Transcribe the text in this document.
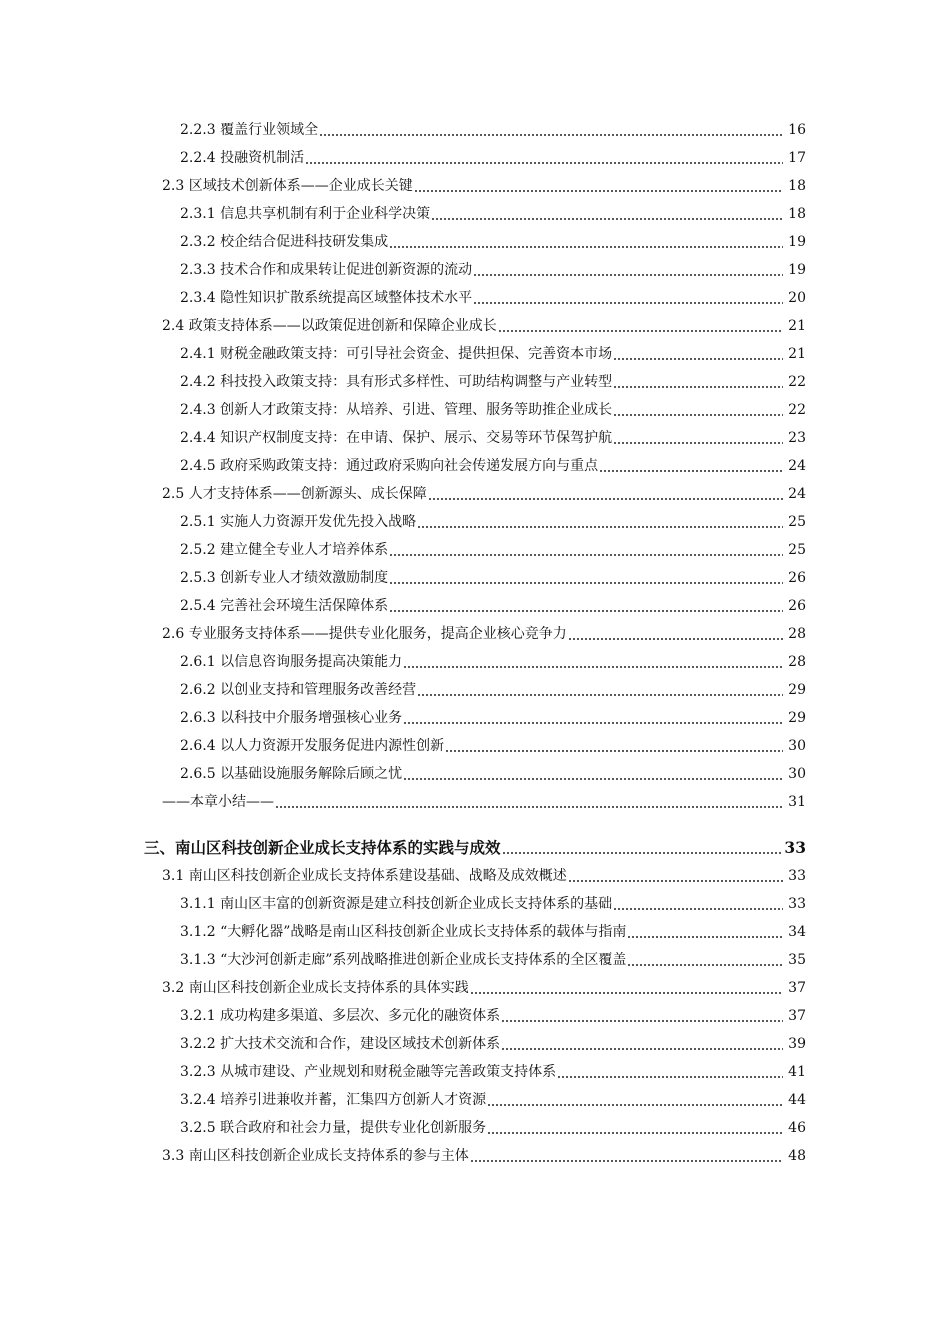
2.2.3 覆盖行业领域全	16
2.2.4 投融资机制活	17
2.3 区域技术创新体系——企业成长关键	18
2.3.1 信息共享机制有利于企业科学决策	18
2.3.2 校企结合促进科技研发集成	19
2.3.3 技术合作和成果转让促进创新资源的流动	19
2.3.4 隐性知识扩散系统提高区域整体技术水平	20
2.4 政策支持体系——以政策促进创新和保障企业成长	21
2.4.1 财税金融政策支持：可引导社会资金、提供担保、完善资本市场	21
2.4.2 科技投入政策支持：具有形式多样性、可助结构调整与产业转型	22
2.4.3 创新人才政策支持：从培养、引进、管理、服务等助推企业成长	22
2.4.4 知识产权制度支持：在申请、保护、展示、交易等环节保驾护航	23
2.4.5 政府采购政策支持：通过政府采购向社会传递发展方向与重点	24
2.5 人才支持体系——创新源头、成长保障	24
2.5.1 实施人力资源开发优先投入战略	25
2.5.2 建立健全专业人才培养体系	25
2.5.3 创新专业人才绩效激励制度	26
2.5.4 完善社会环境生活保障体系	26
2.6 专业服务支持体系——提供专业化服务，提高企业核心竞争力	28
2.6.1 以信息咨询服务提高决策能力	28
2.6.2 以创业支持和管理服务改善经营	29
2.6.3 以科技中介服务增强核心业务	29
2.6.4 以人力资源开发服务促进内源性创新	30
2.6.5 以基础设施服务解除后顾之忧	30
——本章小结——	31
三、南山区科技创新企业成长支持体系的实践与成效	33
3.1 南山区科技创新企业成长支持体系建设基础、战略及成效概述	33
3.1.1 南山区丰富的创新资源是建立科技创新企业成长支持体系的基础	33
3.1.2 “大孵化器”战略是南山区科技创新企业成长支持体系的载体与指南	34
3.1.3 “大沙河创新走廊”系列战略推进创新企业成长支持体系的全区覆盖	35
3.2 南山区科技创新企业成长支持体系的具体实践	37
3.2.1 成功构建多渠道、多层次、多元化的融资体系	37
3.2.2 扩大技术交流和合作，建设区域技术创新体系	39
3.2.3 从城市建设、产业规划和财税金融等完善政策支持体系	41
3.2.4 培养引进兼收并蓄，汇集四方创新人才资源	44
3.2.5 联合政府和社会力量，提供专业化创新服务	46
3.3 南山区科技创新企业成长支持体系的参与主体	48
